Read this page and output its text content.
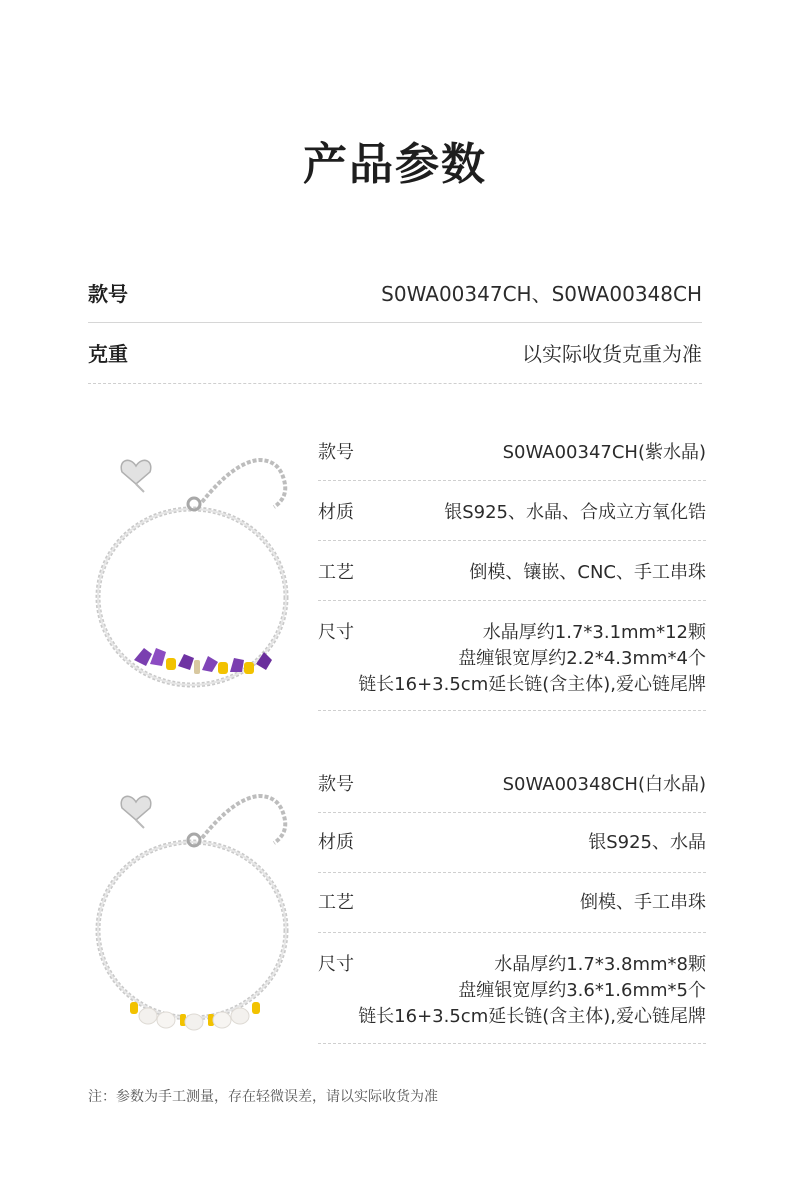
产品参数
款号	S0WA00347CH、S0WA00348CH
克重	以实际收货克重为准
款号	S0WA00347CH(紫水晶)
材质	银S925、水晶、合成立方氧化锆
工艺	倒模、镶嵌、CNC、手工串珠
尺寸	水晶厚约1.7*3.1mm*12颗
盘缠银宽厚约2.2*4.3mm*4个
链长16+3.5cm延长链(含主体),爱心链尾牌
款号	S0WA00348CH(白水晶)
材质	银S925、水晶
工艺	倒模、手工串珠
尺寸	水晶厚约1.7*3.8mm*8颗
盘缠银宽厚约3.6*1.6mm*5个
链长16+3.5cm延长链(含主体),爱心链尾牌
注：参数为手工测量，存在轻微误差，请以实际收货为准
